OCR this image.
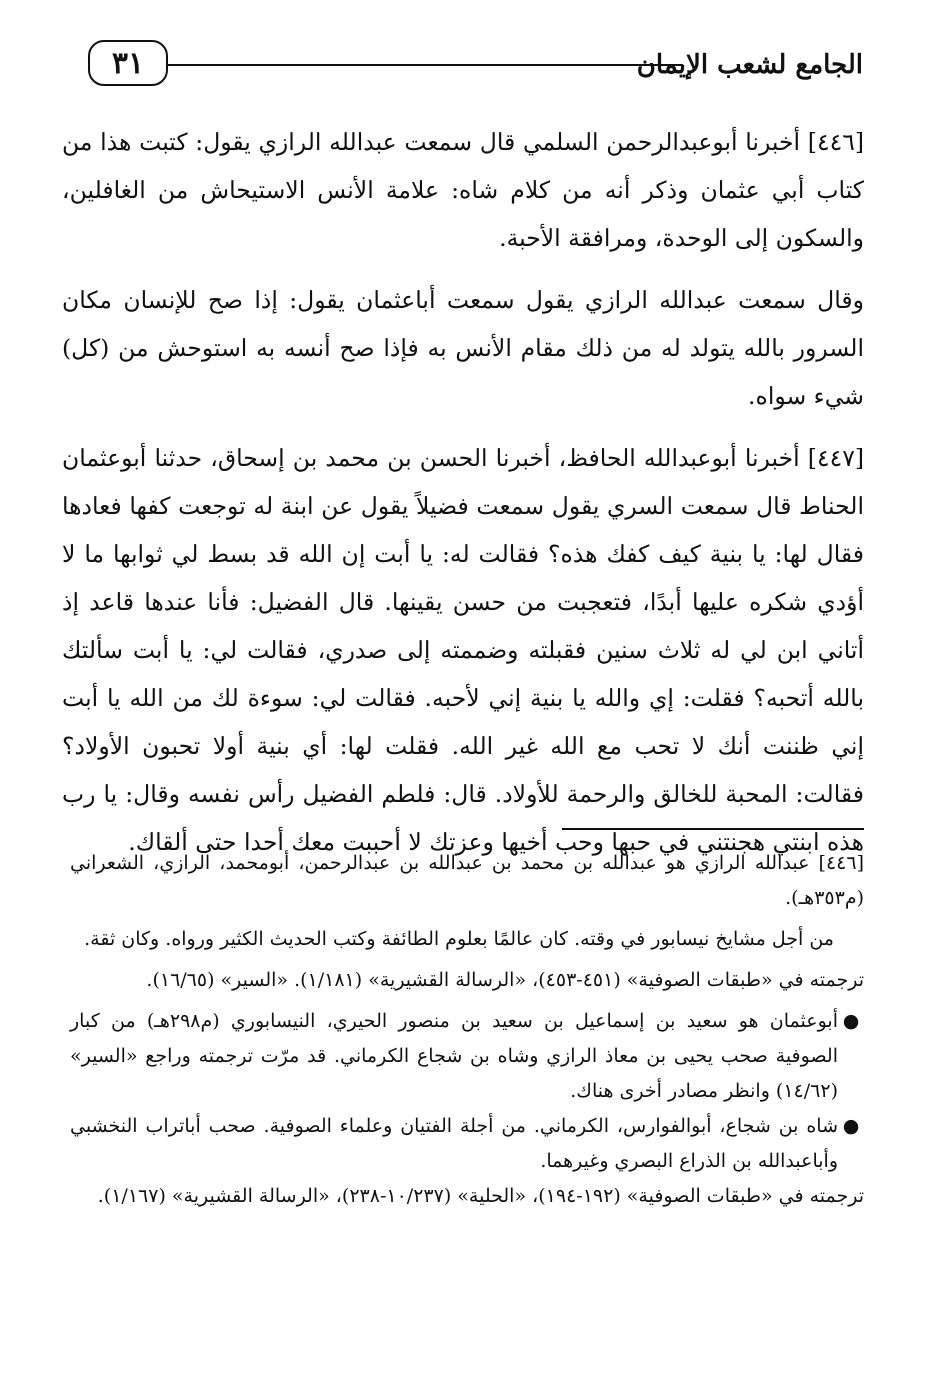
٣١	الجامع لشعب الإيمان

[٤٤٦] أخبرنا أبوعبدالرحمن السلمي قال سمعت عبدالله الرازي يقول: كتبت هذا من كتاب أبي عثمان وذكر أنه من كلام شاه: علامة الأنس الاستيحاش من الغافلين، والسكون إلى الوحدة، ومرافقة الأحبة.

وقال سمعت عبدالله الرازي يقول سمعت أباعثمان يقول: إذا صح للإنسان مكان السرور بالله يتولد له من ذلك مقام الأنس به فإذا صح أنسه به استوحش من (كل) شيء سواه.

[٤٤٧] أخبرنا أبوعبدالله الحافظ، أخبرنا الحسن بن محمد بن إسحاق، حدثنا أبوعثمان الحناط قال سمعت السري يقول سمعت فضيلاً يقول عن ابنة له توجعت كفها فعادها فقال لها: يا بنية كيف كفك هذه؟ فقالت له: يا أبت إن الله قد بسط لي ثوابها ما لا أؤدي شكره عليها أبدًا، فتعجبت من حسن يقينها. قال الفضيل: فأنا عندها قاعد إذ أتاني ابن لي له ثلاث سنين فقبلته وضممته إلى صدري، فقالت لي: يا أبت سألتك بالله أتحبه؟ فقلت: إي والله يا بنية إني لأحبه. فقالت لي: سوءة لك من الله يا أبت إني ظننت أنك لا تحب مع الله غير الله. فقلت لها: أي بنية أولا تحبون الأولاد؟ فقالت: المحبة للخالق والرحمة للأولاد. قال: فلطم الفضيل رأس نفسه وقال: يا رب هذه ابنتي هجنتني في حبها وحب أخيها وعزتك لا أحببت معك أحدا حتى ألقاك.

[٤٤٦] عبدالله الرازي هو عبدالله بن محمد بن عبدالله بن عبدالرحمن، أبومحمد، الرازي، الشعراني (م٣٥٣هـ).

من أجل مشايخ نيسابور في وقته. كان عالمًا بعلوم الطائفة وكتب الحديث الكثير ورواه. وكان ثقة.

ترجمته في «طبقات الصوفية» (٤٥١-٤٥٣)، «الرسالة القشيرية» (١/١٨١). «السير» (١٦/٦٥).

●
أبوعثمان هو سعيد بن إسماعيل بن سعيد بن منصور الحيري، النيسابوري (م٢٩٨هـ) من كبار الصوفية صحب يحيى بن معاذ الرازي وشاه بن شجاع الكرماني. قد مرّت ترجمته وراجع «السير» (١٤/٦٢) وانظر مصادر أخرى هناك.
●
شاه بن شجاع، أبوالفوارس، الكرماني. من أجلة الفتيان وعلماء الصوفية. صحب أباتراب النخشبي وأباعبدالله بن الذراع البصري وغيرهما.

ترجمته في «طبقات الصوفية» (١٩٢-١٩٤)، «الحلية» (١٠/٢٣٧-٢٣٨)، «الرسالة القشيرية» (١/١٦٧).
